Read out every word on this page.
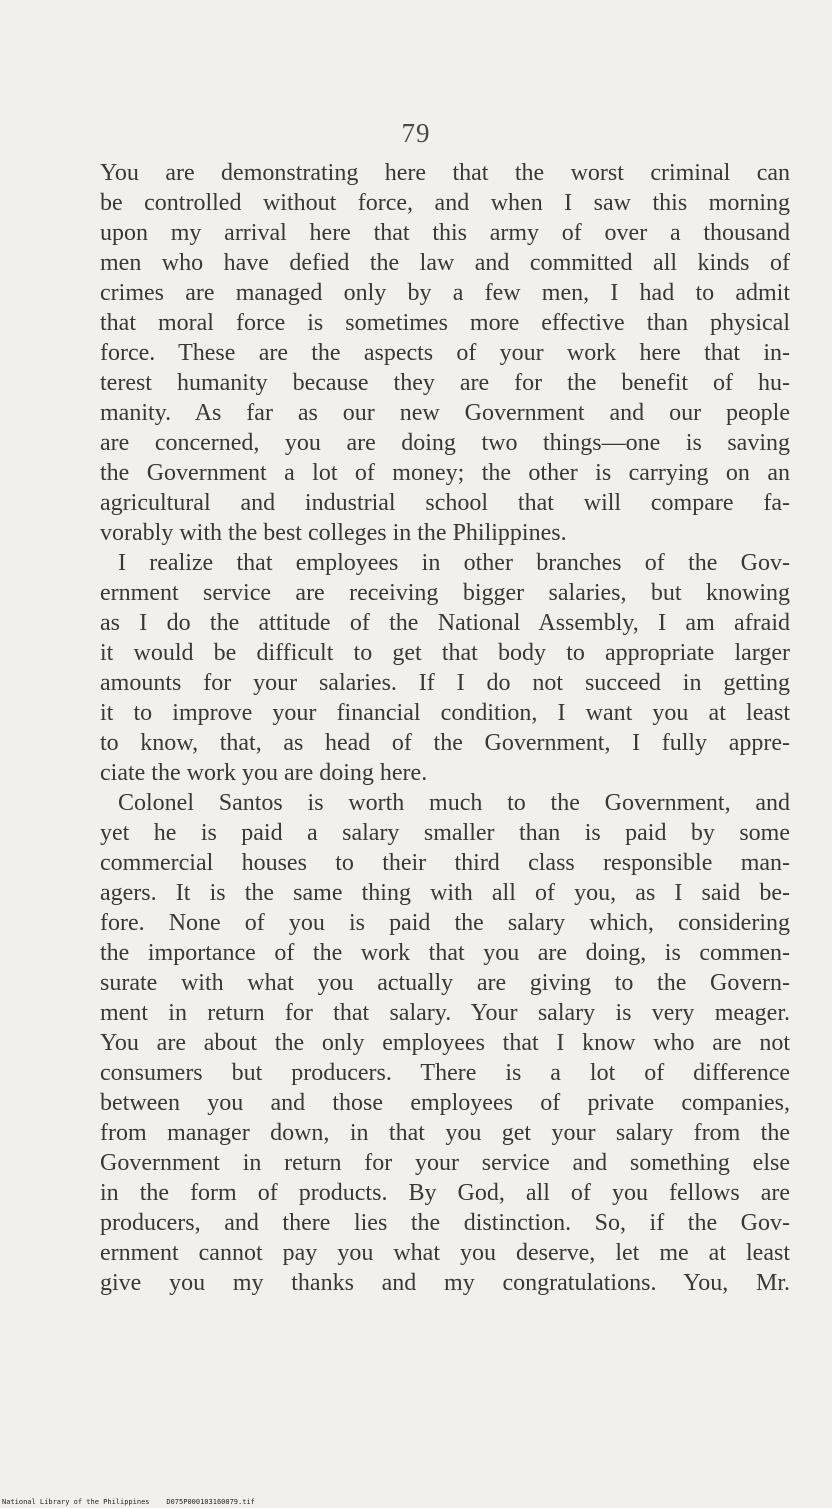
79
You are demonstrating here that the worst criminal can
be controlled without force, and when I saw this morning
upon my arrival here that this army of over a thousand
men who have defied the law and committed all kinds of
crimes are managed only by a few men, I had to admit
that moral force is sometimes more effective than physical
force. These are the aspects of your work here that in-
terest humanity because they are for the benefit of hu-
manity. As far as our new Government and our people
are concerned, you are doing two things—one is saving
the Government a lot of money; the other is carrying on an
agricultural and industrial school that will compare fa-
vorably with the best colleges in the Philippines.
I realize that employees in other branches of the Gov-
ernment service are receiving bigger salaries, but knowing
as I do the attitude of the National Assembly, I am afraid
it would be difficult to get that body to appropriate larger
amounts for your salaries. If I do not succeed in getting
it to improve your financial condition, I want you at least
to know, that, as head of the Government, I fully appre-
ciate the work you are doing here.
Colonel Santos is worth much to the Government, and
yet he is paid a salary smaller than is paid by some
commercial houses to their third class responsible man-
agers. It is the same thing with all of you, as I said be-
fore. None of you is paid the salary which, considering
the importance of the work that you are doing, is commen-
surate with what you actually are giving to the Govern-
ment in return for that salary. Your salary is very meager.
You are about the only employees that I know who are not
consumers but producers. There is a lot of difference
between you and those employees of private companies,
from manager down, in that you get your salary from the
Government in return for your service and something else
in the form of products. By God, all of you fellows are
producers, and there lies the distinction. So, if the Gov-
ernment cannot pay you what you deserve, let me at least
give you my thanks and my congratulations. You, Mr.
National Library of the Philippines D075P000103160079.tif
